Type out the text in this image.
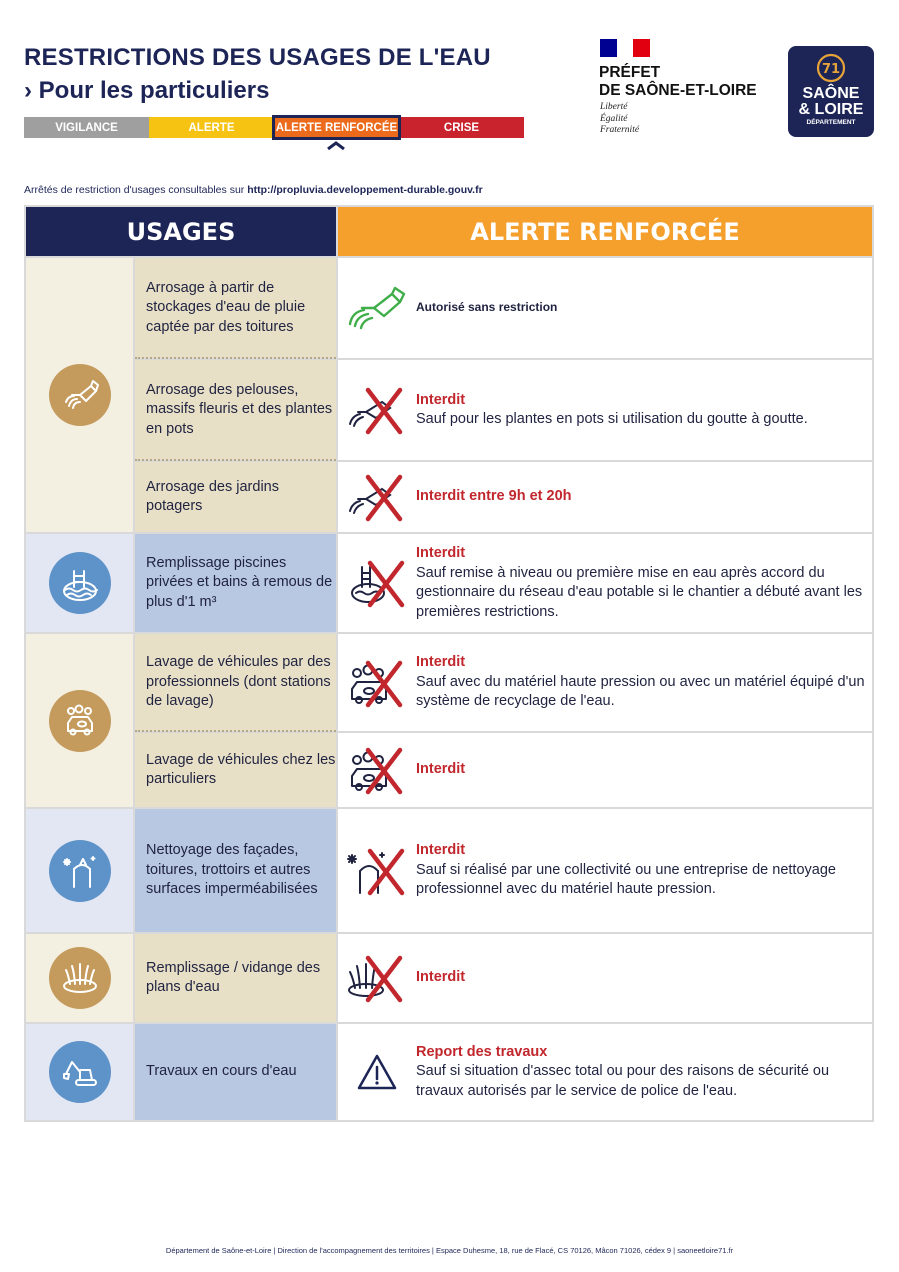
RESTRICTIONS DES USAGES DE L'EAU
› Pour les particuliers
VIGILANCE	ALERTE	ALERTE RENFORCÉE	CRISE
PRÉFET
DE SAÔNE-ET-LOIRE
Liberté
Égalité
Fraternité
71
SAÔNE
& LOIRE
DÉPARTEMENT
Arrêtés de restriction d'usages consultables sur http://propluvia.developpement-durable.gouv.fr
USAGES	ALERTE RENFORCÉE
Arrosage à partir de stockages d'eau de pluie captée par des toitures
Autorisé sans restriction
Arrosage des pelouses, massifs fleuris et des plantes en pots
Interdit
Sauf pour les plantes en pots si utilisation du goutte à goutte.
Arrosage des jardins potagers
Interdit entre 9h et 20h
Remplissage piscines privées et bains à remous de plus d'1 m³
Interdit
Sauf remise à niveau ou première mise en eau après accord du gestionnaire du réseau d'eau potable si le chantier a débuté avant les premières restrictions.
Lavage de véhicules par des professionnels (dont stations de lavage)
Interdit
Sauf avec du matériel haute pression ou avec un matériel équipé d'un système de recyclage de l'eau.
Lavage de véhicules chez les particuliers
Interdit
Nettoyage des façades, toitures, trottoirs et autres surfaces imperméabilisées
Interdit
Sauf si réalisé par une collectivité ou une entreprise de nettoyage professionnel avec du matériel haute pression.
Remplissage / vidange des plans d'eau
Interdit
Travaux en cours d'eau
Report des travaux
Sauf si situation d'assec total ou pour des raisons de sécurité ou travaux autorisés par le service de police de l'eau.
Département de Saône-et-Loire | Direction de l'accompagnement des territoires | Espace Duhesme, 18, rue de Flacé, CS 70126, Mâcon 71026, cédex 9 | saoneetloire71.fr
